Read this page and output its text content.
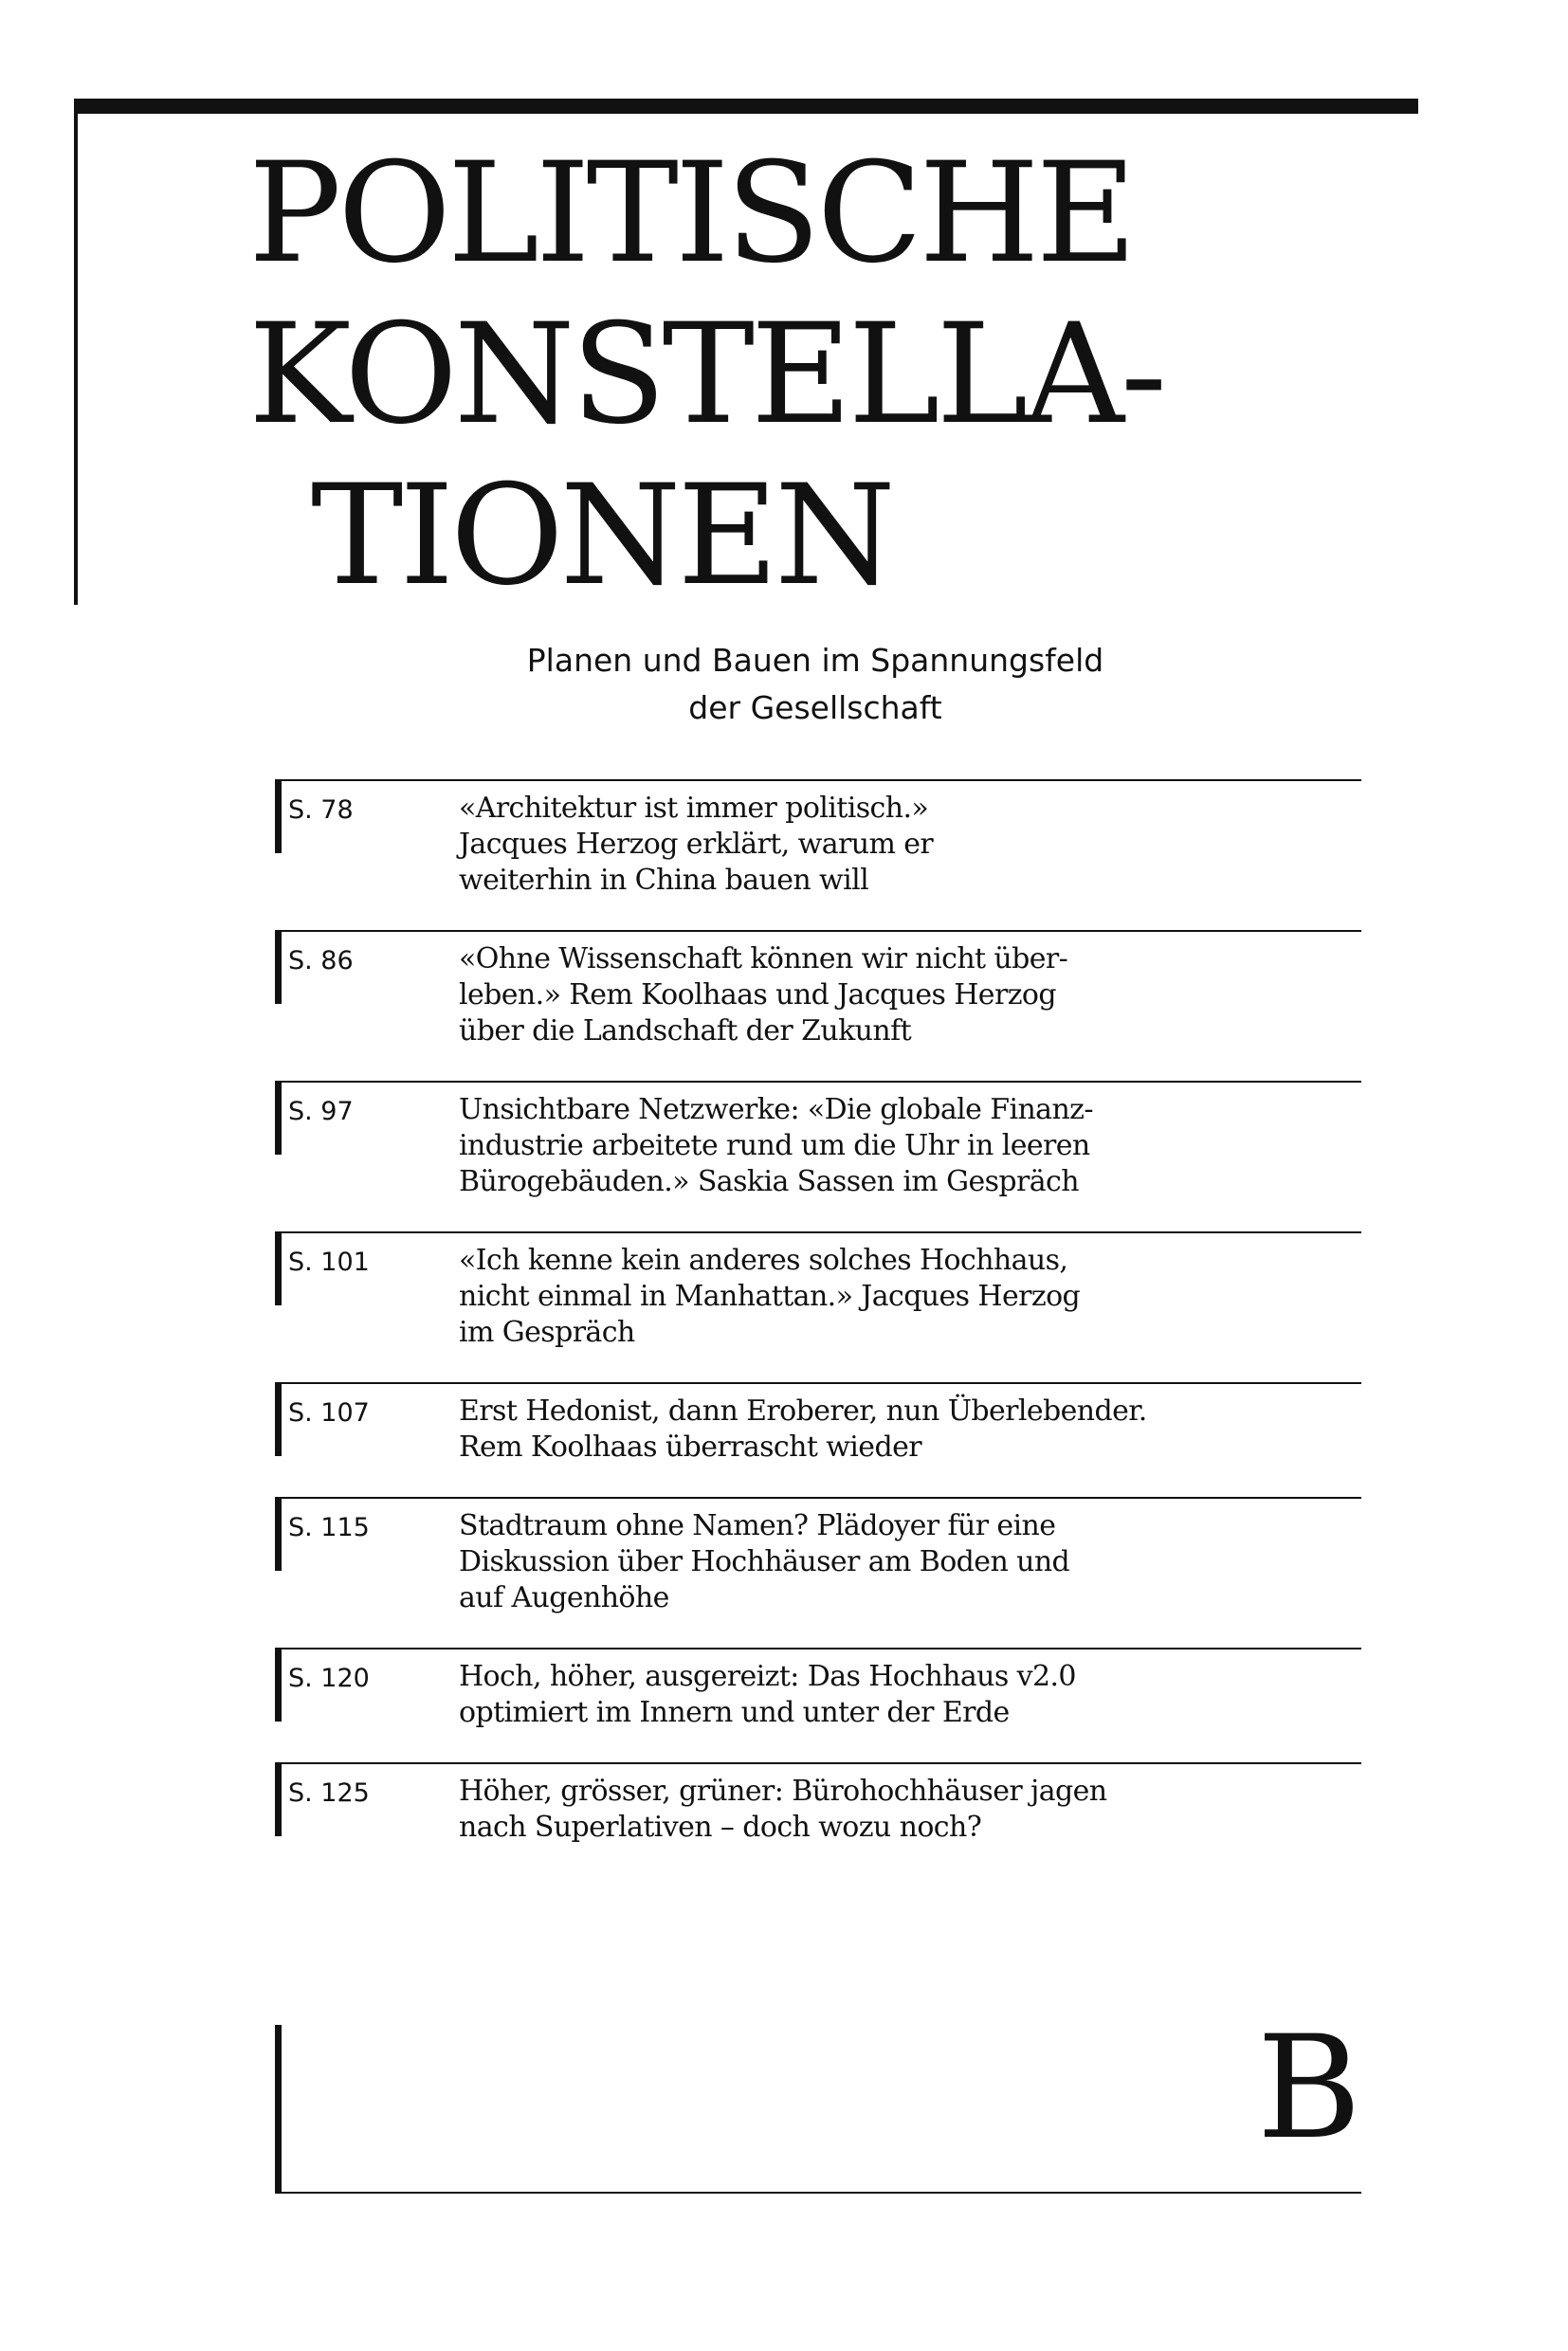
POLITISCHE
KONSTELLA-
TIONEN

Planen und Bauen im Spannungsfeld
der Gesellschaft

S. 78	«Architektur ist immer politisch.»
Jacques Herzog erklärt, warum er
weiterhin in China bauen will
S. 86	«Ohne Wissenschaft können wir nicht über-
leben.» Rem Koolhaas und Jacques Herzog
über die Landschaft der Zukunft
S. 97	Unsichtbare Netzwerke: «Die globale Finanz-
industrie arbeitete rund um die Uhr in leeren
Bürogebäuden.» Saskia Sassen im Gespräch
S. 101	«Ich kenne kein anderes solches Hochhaus,
nicht einmal in Manhattan.» Jacques Herzog
im Gespräch
S. 107	Erst Hedonist, dann Eroberer, nun Überlebender.
Rem Koolhaas überrascht wieder
S. 115	Stadtraum ohne Namen? Plädoyer für eine
Diskussion über Hochhäuser am Boden und
auf Augenhöhe
S. 120	Hoch, höher, ausgereizt: Das Hochhaus v2.0
optimiert im Innern und unter der Erde
S. 125	Höher, grösser, grüner: Bürohochhäuser jagen
nach Superlativen – doch wozu noch?
B
